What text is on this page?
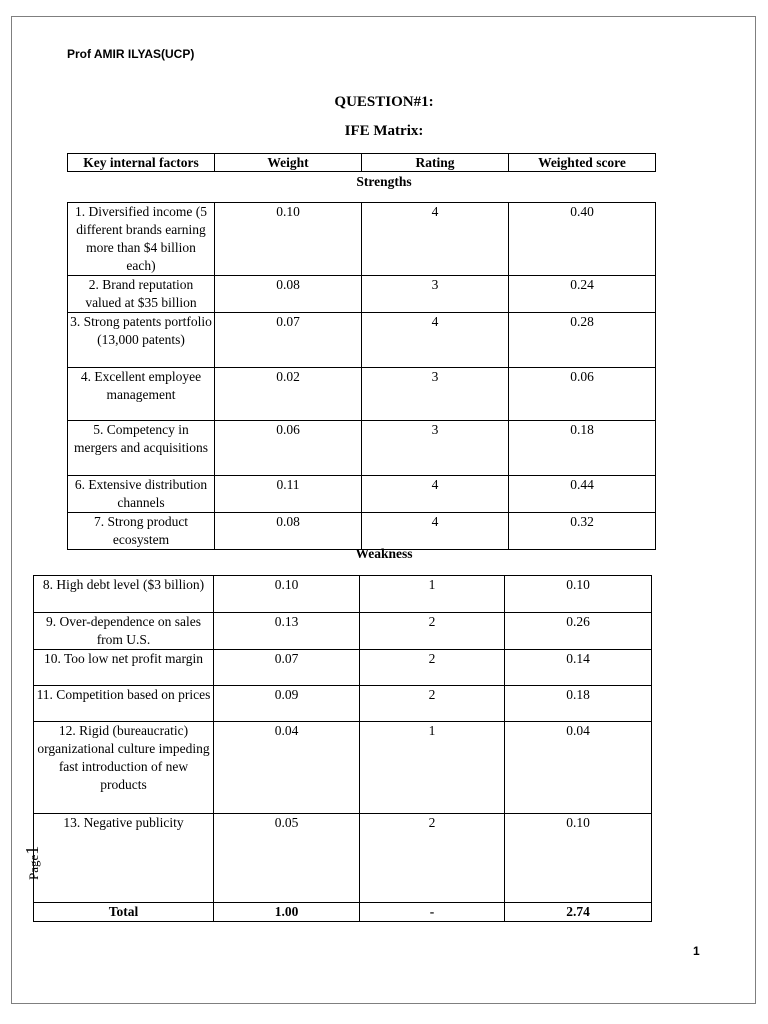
Prof AMIR ILYAS(UCP)
QUESTION#1:
IFE Matrix:
Key internal factors	Weight	Rating	Weighted score
Strengths
1. Diversified income (5 different brands earning more than $4 billion each)	0.10	4	0.40
2. Brand reputation valued at $35 billion	0.08	3	0.24
3. Strong patents portfolio (13,000 patents)	0.07	4	0.28
4. Excellent employee management	0.02	3	0.06
5. Competency in mergers and acquisitions	0.06	3	0.18
6. Extensive distribution channels	0.11	4	0.44
7. Strong product ecosystem	0.08	4	0.32
Weakness
8. High debt level ($3 billion)	0.10	1	0.10
9. Over-dependence on sales from U.S.	0.13	2	0.26
10. Too low net profit margin	0.07	2	0.14
11. Competition based on prices	0.09	2	0.18
12. Rigid (bureaucratic) organizational culture impeding fast introduction of new products	0.04	1	0.04
13. Negative publicity	0.05	2	0.10
Total	1.00	-	2.74
Page1
1
